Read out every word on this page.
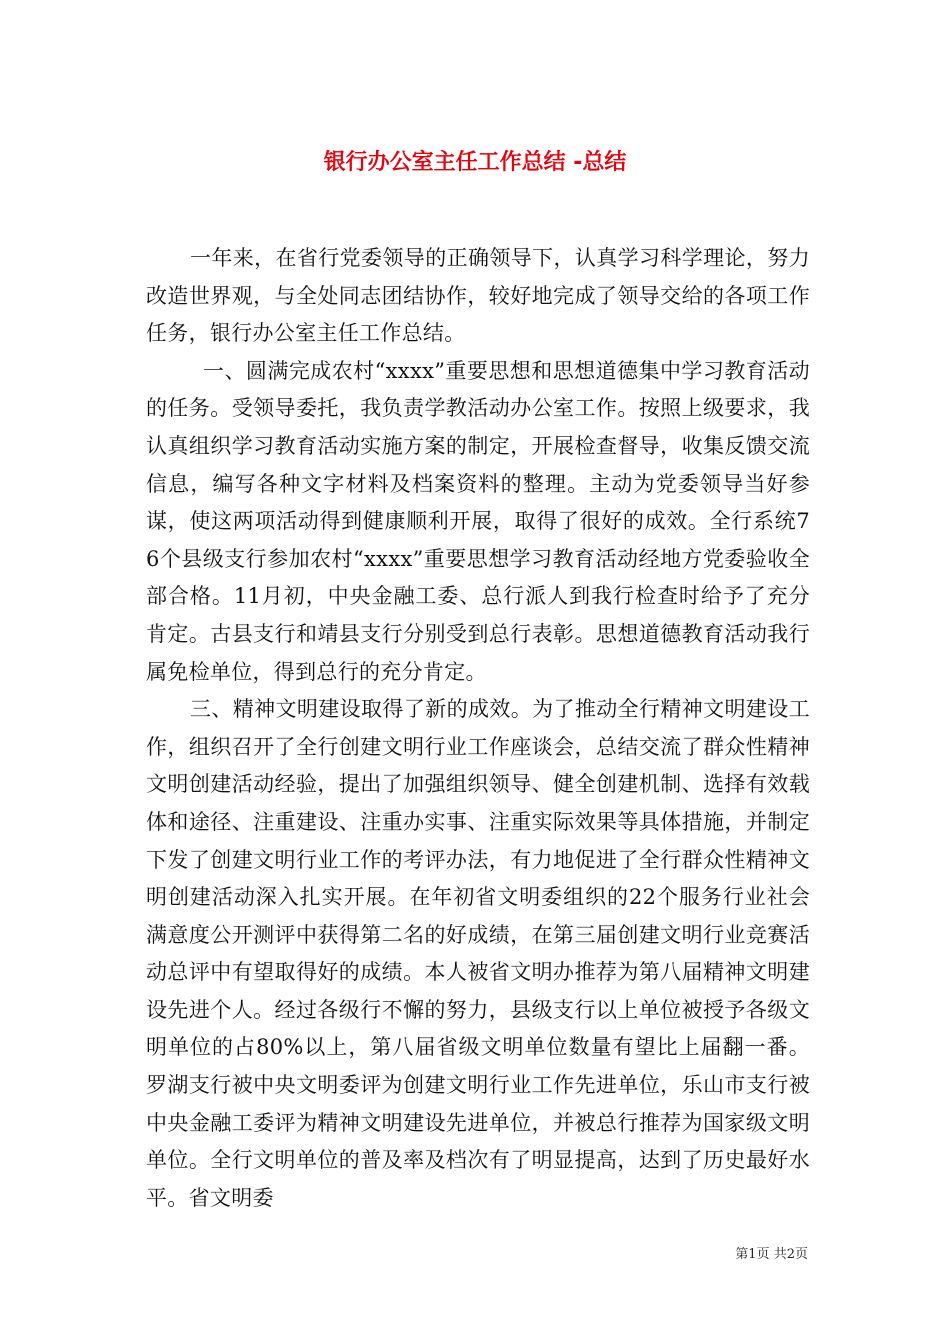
银行办公室主任工作总结 -总结

一年来，在省行党委领导的正确领导下，认真学习科学理论，努力改造世界观，与全处同志团结协作，较好地完成了领导交给的各项工作任务，银行办公室主任工作总结。

一、圆满完成农村“xxxx”重要思想和思想道德集中学习教育活动的任务。受领导委托，我负责学教活动办公室工作。按照上级要求，我认真组织学习教育活动实施方案的制定，开展检查督导，收集反馈交流信息，编写各种文字材料及档案资料的整理。主动为党委领导当好参谋，使这两项活动得到健康顺利开展，取得了很好的成效。全行系统76个县级支行参加农村“xxxx”重要思想学习教育活动经地方党委验收全部合格。11月初，中央金融工委、总行派人到我行检查时给予了充分肯定。古县支行和靖县支行分别受到总行表彰。思想道德教育活动我行属免检单位，得到总行的充分肯定。

三、精神文明建设取得了新的成效。为了推动全行精神文明建设工作，组织召开了全行创建文明行业工作座谈会，总结交流了群众性精神文明创建活动经验，提出了加强组织领导、健全创建机制、选择有效载体和途径、注重建设、注重办实事、注重实际效果等具体措施，并制定下发了创建文明行业工作的考评办法，有力地促进了全行群众性精神文明创建活动深入扎实开展。在年初省文明委组织的22个服务行业社会满意度公开测评中获得第二名的好成绩，在第三届创建文明行业竞赛活动总评中有望取得好的成绩。本人被省文明办推荐为第八届精神文明建设先进个人。经过各级行不懈的努力，县级支行以上单位被授予各级文明单位的占80%以上，第八届省级文明单位数量有望比上届翻一番。罗湖支行被中央文明委评为创建文明行业工作先进单位，乐山市支行被中央金融工委评为精神文明建设先进单位，并被总行推荐为国家级文明单位。全行文明单位的普及率及档次有了明显提高，达到了历史最好水平。省文明委

第1页 共2页
